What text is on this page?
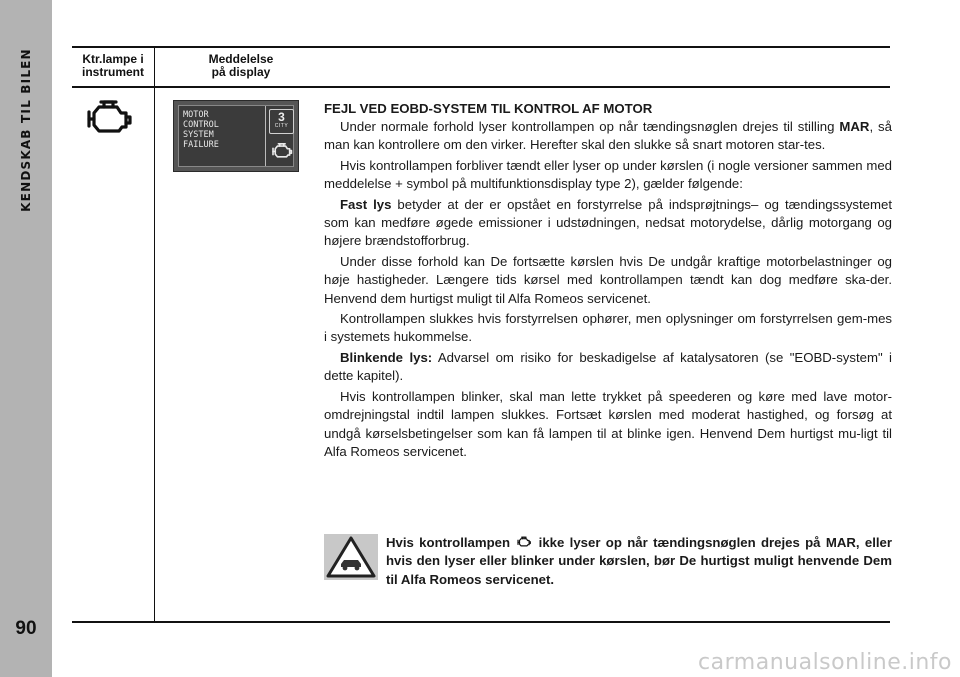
KENDSKAB TIL BILEN
90
Ktr.lampe i
instrument
Meddelelse
på display
MOTOR
CONTROL
SYSTEM
FAILURE
3
CITY
FEJL VED EOBD-SYSTEM TIL KONTROL AF MOTOR

Under normale forhold lyser kontrollampen op når tændingsnøglen drejes til stilling MAR, så man kan kontrollere om den virker. Herefter skal den slukke så snart motoren star-tes.

Hvis kontrollampen forbliver tændt eller lyser op under kørslen (i nogle versioner sammen med meddelelse + symbol på multifunktionsdisplay type 2), gælder følgende:

Fast lys betyder at der er opstået en forstyrrelse på indsprøjtnings– og tændingssystemet som kan medføre øgede emissioner i udstødningen, nedsat motorydelse, dårlig motorgang og højere brændstofforbrug.

Under disse forhold kan De fortsætte kørslen hvis De undgår kraftige motorbelastninger og høje hastigheder. Længere tids kørsel med kontrollampen tændt kan dog medføre ska-der. Henvend dem hurtigst muligt til Alfa Romeos servicenet.

Kontrollampen slukkes hvis forstyrrelsen ophører, men oplysninger om forstyrrelsen gem-mes i systemets hukommelse.

Blinkende lys: Advarsel om risiko for beskadigelse af katalysatoren (se "EOBD-system" i dette kapitel).

Hvis kontrollampen blinker, skal man lette trykket på speederen og køre med lave motor-omdrejningstal indtil lampen slukkes. Fortsæt kørslen med moderat hastighed, og forsøg at undgå kørselsbetingelser som kan få lampen til at blinke igen. Henvend Dem hurtigst mu-ligt til Alfa Romeos servicenet.

Hvis kontrollampen  ikke lyser op når tændingsnøglen drejes på MAR, eller hvis den lyser eller blinker under kørslen, bør De hurtigst muligt henvende Dem til Alfa Romeos servicenet.
carmanualsonline.info
